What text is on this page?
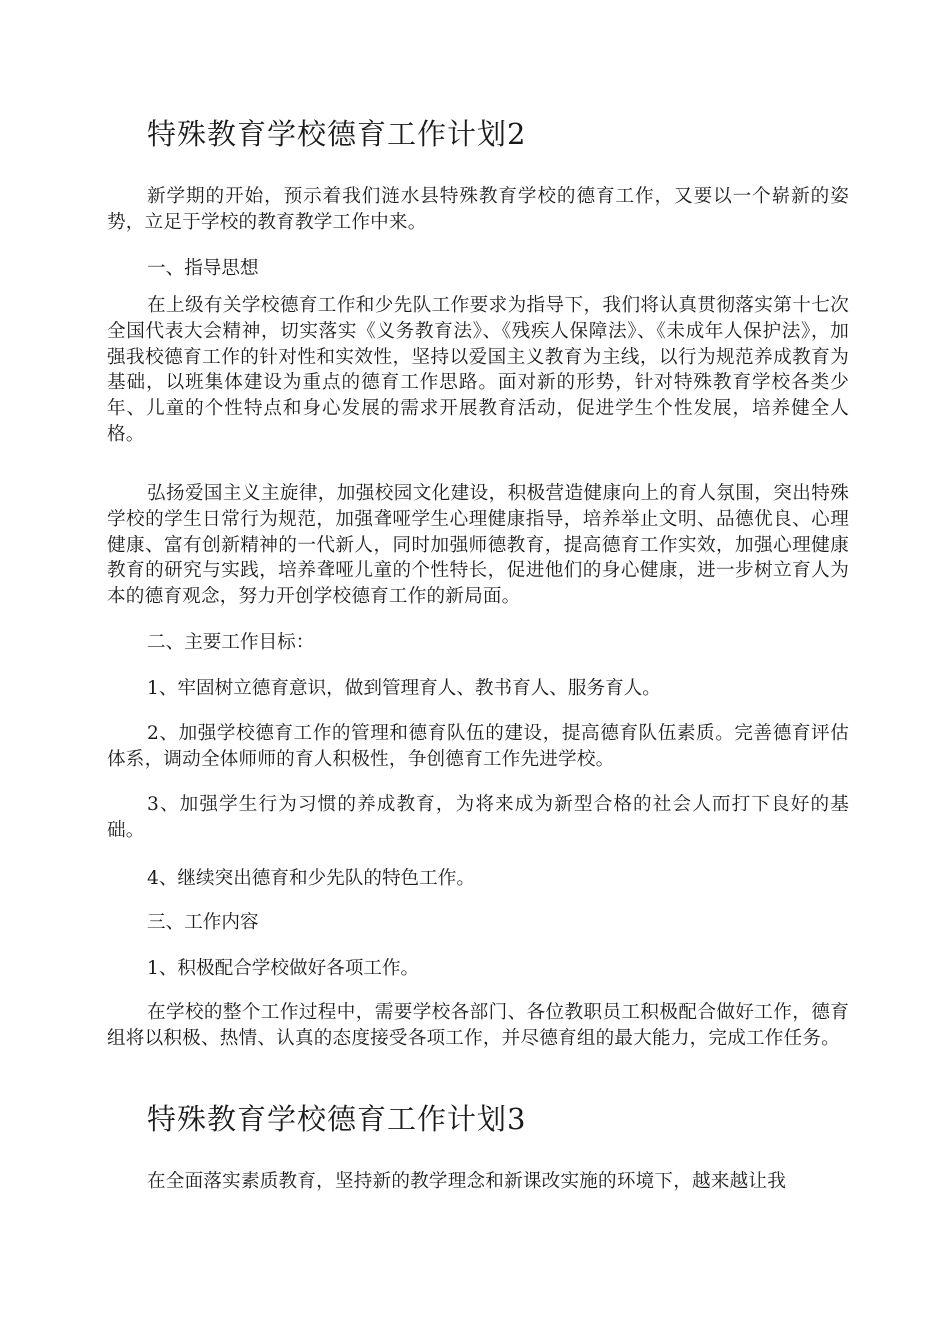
特殊教育学校德育工作计划2

新学期的开始，预示着我们涟水县特殊教育学校的德育工作，又要以一个崭新的姿势，立足于学校的教育教学工作中来。

一、指导思想

在上级有关学校德育工作和少先队工作要求为指导下，我们将认真贯彻落实第十七次全国代表大会精神，切实落实《义务教育法》、《残疾人保障法》、《未成年人保护法》，加强我校德育工作的针对性和实效性，坚持以爱国主义教育为主线，以行为规范养成教育为基础，以班集体建设为重点的德育工作思路。面对新的形势，针对特殊教育学校各类少年、儿童的个性特点和身心发展的需求开展教育活动，促进学生个性发展，培养健全人格。

弘扬爱国主义主旋律，加强校园文化建设，积极营造健康向上的育人氛围，突出特殊学校的学生日常行为规范，加强聋哑学生心理健康指导，培养举止文明、品德优良、心理健康、富有创新精神的一代新人，同时加强师德教育，提高德育工作实效，加强心理健康教育的研究与实践，培养聋哑儿童的个性特长，促进他们的身心健康，进一步树立育人为本的德育观念，努力开创学校德育工作的新局面。

二、主要工作目标：

1、牢固树立德育意识，做到管理育人、教书育人、服务育人。

2、加强学校德育工作的管理和德育队伍的建设，提高德育队伍素质。完善德育评估体系，调动全体师师的育人积极性，争创德育工作先进学校。

3、加强学生行为习惯的养成教育，为将来成为新型合格的社会人而打下良好的基础。

4、继续突出德育和少先队的特色工作。

三、工作内容

1、积极配合学校做好各项工作。

在学校的整个工作过程中，需要学校各部门、各位教职员工积极配合做好工作，德育组将以积极、热情、认真的态度接受各项工作，并尽德育组的最大能力，完成工作任务。

特殊教育学校德育工作计划3

在全面落实素质教育，坚持新的教学理念和新课改实施的环境下，越来越让我
